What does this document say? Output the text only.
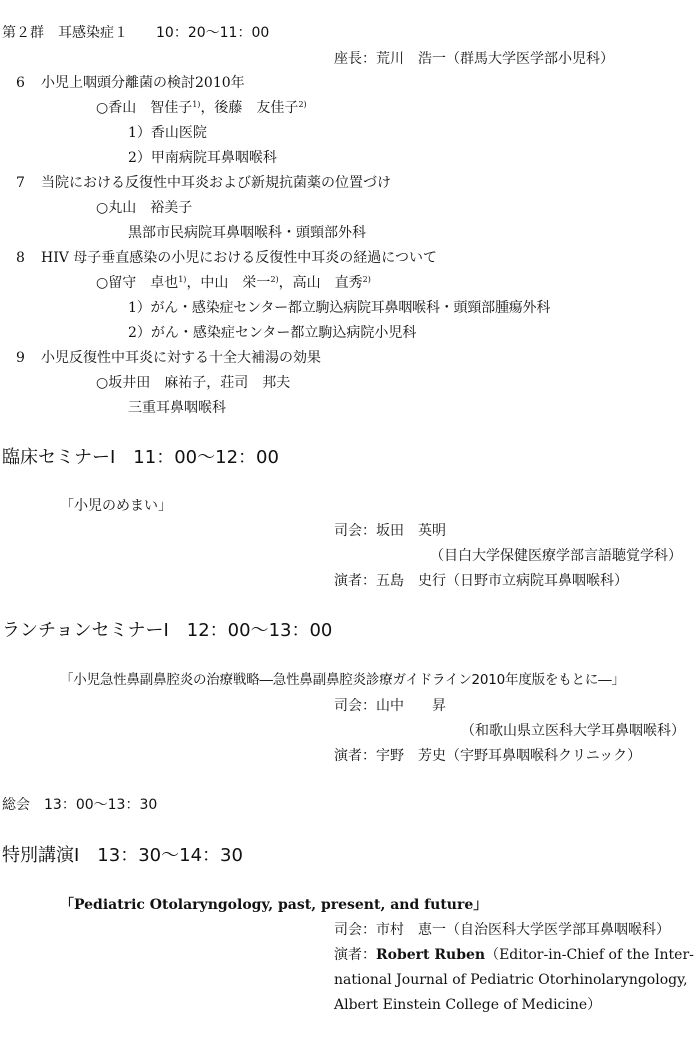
第２群　耳感染症１　　10：20〜11：00
座長：荒川　浩一（群馬大学医学部小児科）
6 小児上咽頭分離菌の検討2010年
○香山　智佳子$^{1)}$，後藤　友佳子$^{2)}$
1）香山医院
2）甲南病院耳鼻咽喉科
7 当院における反復性中耳炎および新規抗菌薬の位置づけ
○丸山　裕美子
黒部市民病院耳鼻咽喉科・頭頸部外科
8 HIV 母子垂直感染の小児における反復性中耳炎の経過について
○留守　卓也$^{1)}$，中山　栄一$^{2)}$，高山　直秀$^{2)}$
1）がん・感染症センター都立駒込病院耳鼻咽喉科・頭頸部腫瘍外科
2）がん・感染症センター都立駒込病院小児科
9 小児反復性中耳炎に対する十全大補湯の効果
○坂井田　麻祐子，荘司　邦夫
三重耳鼻咽喉科
臨床セミナーⅠ　11：00〜12：00
「小児のめまい」
司会：坂田　英明
（目白大学保健医療学部言語聴覚学科）
演者：五島　史行（日野市立病院耳鼻咽喉科）
ランチョンセミナーⅠ　12：00〜13：00
「小児急性鼻副鼻腔炎の治療戦略―急性鼻副鼻腔炎診療ガイドライン2010年度版をもとに―」
司会：山中　　昇
（和歌山県立医科大学耳鼻咽喉科）
演者：宇野　芳史（宇野耳鼻咽喉科クリニック）
総会　13：00〜13：30
特別講演Ⅰ　13：30〜14：30
「Pediatric Otolaryngology, past, present, and future」
司会：市村　恵一（自治医科大学医学部耳鼻咽喉科）
演者：Robert Ruben（Editor-in-Chief of the Inter-
national Journal of Pediatric Otorhinolaryngology,
Albert Einstein College of Medicine）
